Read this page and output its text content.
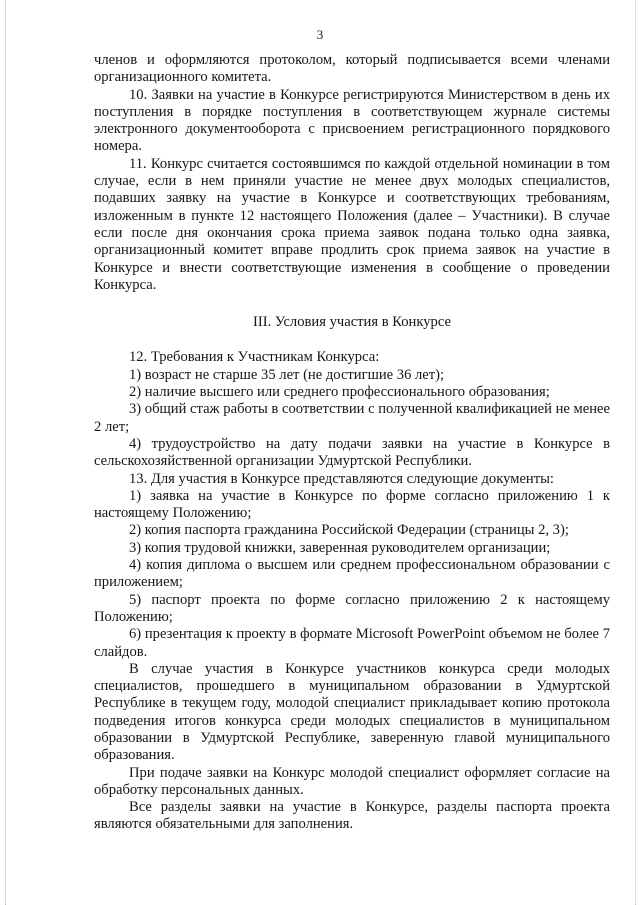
3

членов и оформляются протоколом, который подписывается всеми членами организационного комитета.

10. Заявки на участие в Конкурсе регистрируются Министерством в день их поступления в порядке поступления в соответствующем журнале системы электронного документооборота с присвоением регистрационного порядкового номера.

11. Конкурс считается состоявшимся по каждой отдельной номинации в том случае, если в нем приняли участие не менее двух молодых специалистов, подавших заявку на участие в Конкурсе и соответствующих требованиям, изложенным в пункте 12 настоящего Положения (далее – Участники). В случае если после дня окончания срока приема заявок подана только одна заявка, организационный комитет вправе продлить срок приема заявок на участие в Конкурсе и внести соответствующие изменения в сообщение о проведении Конкурса.

III. Условия участия в Конкурсе

12. Требования к Участникам Конкурса:

1) возраст не старше 35 лет (не достигшие 36 лет);

2) наличие высшего или среднего профессионального образования;

3) общий стаж работы в соответствии с полученной квалификацией не менее 2 лет;

4) трудоустройство на дату подачи заявки на участие в Конкурсе в сельскохозяйственной организации Удмуртской Республики.

13. Для участия в Конкурсе представляются следующие документы:

1) заявка на участие в Конкурсе по форме согласно приложению 1 к настоящему Положению;

2) копия паспорта гражданина Российской Федерации (страницы 2, 3);

3) копия трудовой книжки, заверенная руководителем организации;

4) копия диплома о высшем или среднем профессиональном образовании с приложением;

5) паспорт проекта по форме согласно приложению 2 к настоящему Положению;

6) презентация к проекту в формате Microsoft PowerPoint объемом не более 7 слайдов.

В случае участия в Конкурсе участников конкурса среди молодых специалистов, прошедшего в муниципальном образовании в Удмуртской Республике в текущем году, молодой специалист прикладывает копию протокола подведения итогов конкурса среди молодых специалистов в муниципальном образовании в Удмуртской Республике, заверенную главой муниципального образования.

При подаче заявки на Конкурс молодой специалист оформляет согласие на обработку персональных данных.

Все разделы заявки на участие в Конкурсе, разделы паспорта проекта являются обязательными для заполнения.
